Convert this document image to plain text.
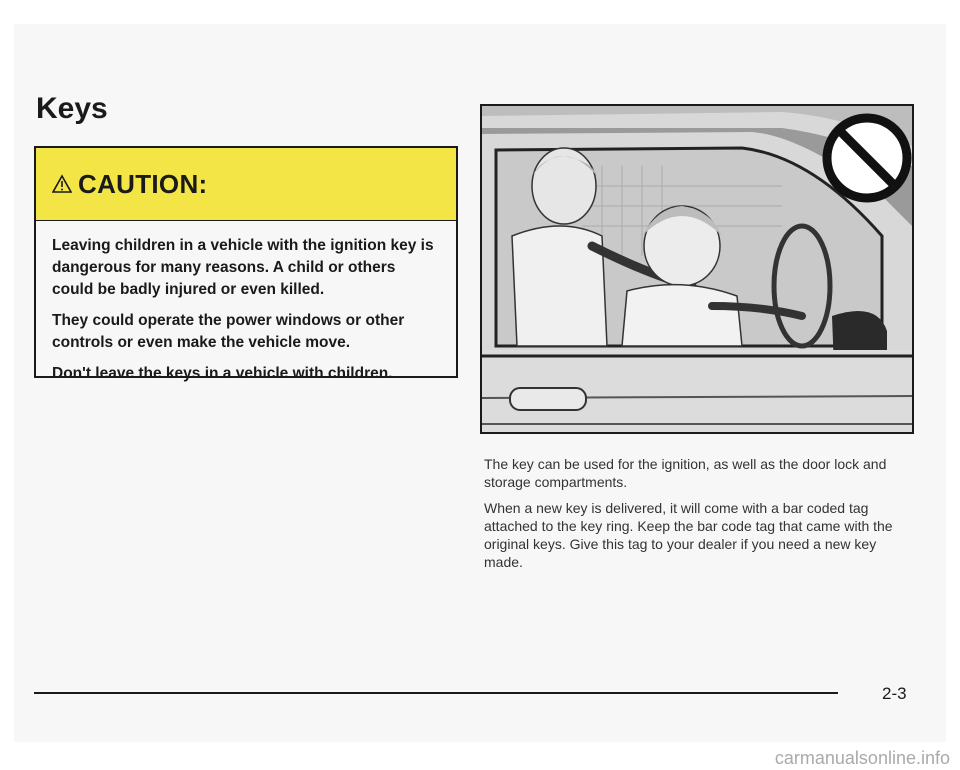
Keys
CAUTION:

Leaving children in a vehicle with the ignition key is dangerous for many reasons. A child or others could be badly injured or even killed.

They could operate the power windows or other controls or even make the vehicle move.

Don't leave the keys in a vehicle with children.

The key can be used for the ignition, as well as the door lock and storage compartments.

When a new key is delivered, it will come with a bar coded tag attached to the key ring. Keep the bar code tag that came with the original keys. Give this tag to your dealer if you need a new key made.

2-3
carmanualsonline.info
